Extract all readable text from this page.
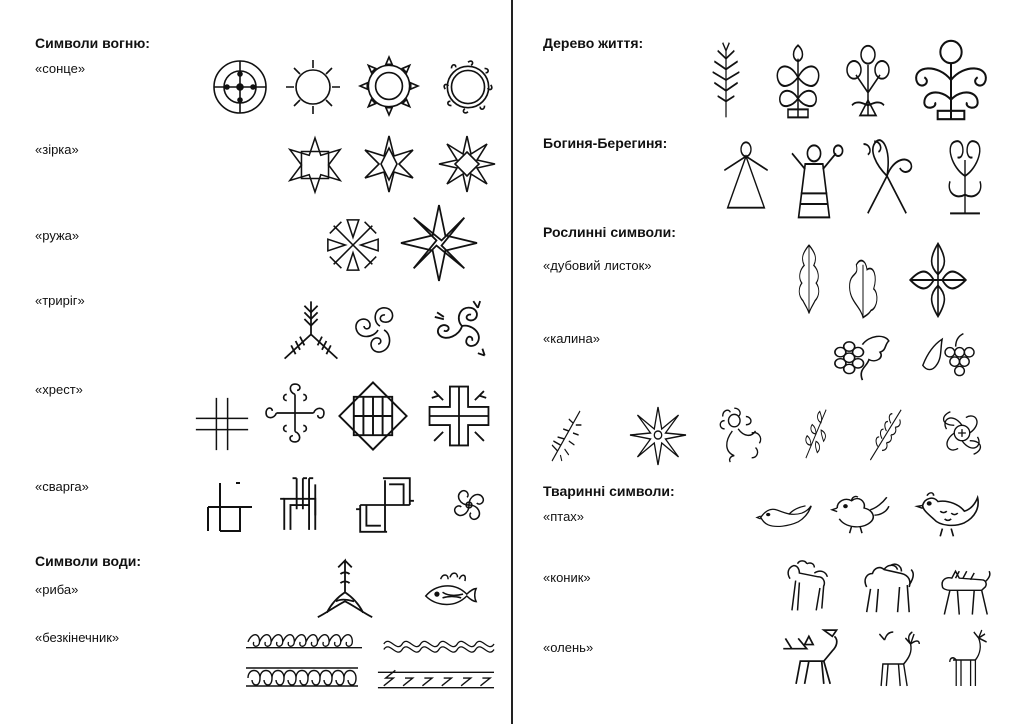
Символи вогню:
«сонце»
«зірка»
«ружа»
«триріг»
«хрест»
«сварга»
Символи води:
«риба»
«безкінечник»
Дерево життя:
Богиня-Берегиня:
Рослинні символи:
«дубовий листок»
«калина»
Тваринні символи:
«птах»
«коник»
«олень»
